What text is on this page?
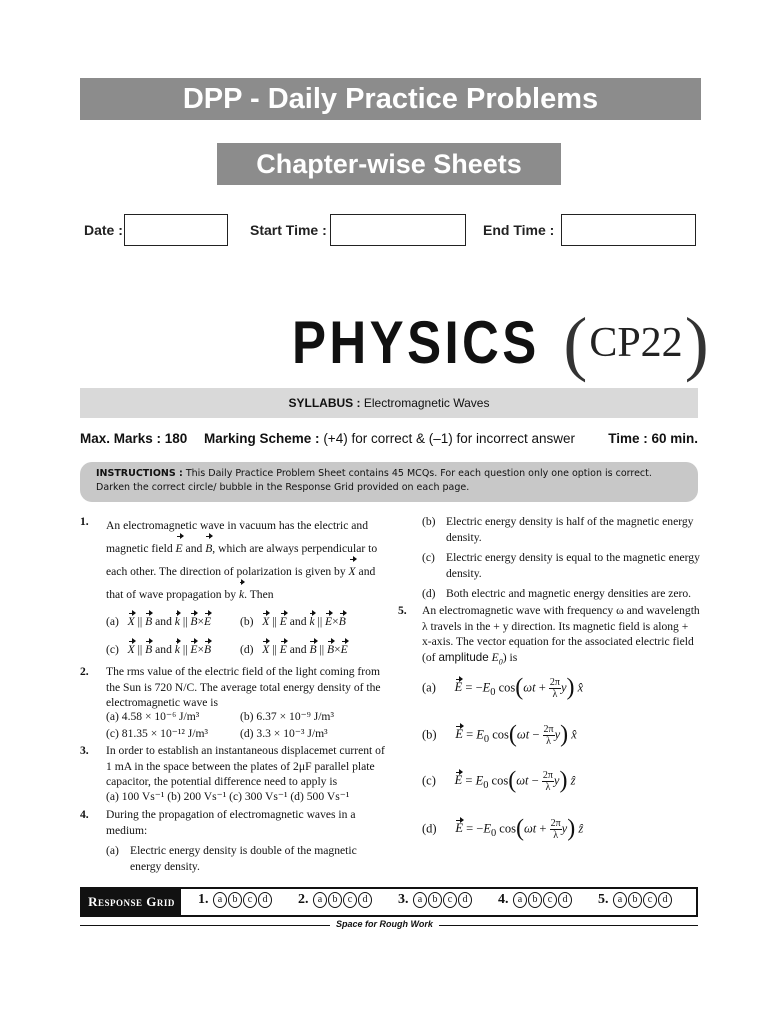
DPP - Daily Practice Problems
Chapter-wise Sheets
Date :	Start Time :	End Time :
PHYSICS ( CP22 )
SYLLABUS : Electromagnetic Waves
Max. Marks : 180 Marking Scheme : (+4) for correct & (–1) for incorrect answer Time : 60 min.
INSTRUCTIONS : This Daily Practice Problem Sheet contains 45 MCQs. For each question only one option is correct. Darken the correct circle/ bubble in the Response Grid provided on each page.
1. An electromagnetic wave in vacuum has the electric and
magnetic field E and B, which are always perpendicular to
each other. The direction of polarization is given by X and
that of wave propagation by k. Then
(a) X || B and k || B×E (b) X || E and k || E×B
(c) X || B and k || E×B (d) X || E and B || B×E
2. The rms value of the electric field of the light coming from the Sun is 720 N/C. The average total energy density of the electromagnetic wave is
(a) 4.58 × 10⁻⁶ J/m³	(b) 6.37 × 10⁻⁹ J/m³
(c) 81.35 × 10⁻¹² J/m³	(d) 3.3 × 10⁻³ J/m³
3. In order to establish an instantaneous displacemet current of 1 mA in the space between the plates of 2μF parallel plate capacitor, the potential difference need to apply is
(a) 100 Vs⁻¹ (b) 200 Vs⁻¹ (c) 300 Vs⁻¹ (d) 500 Vs⁻¹
4. During the propagation of electromagnetic waves in a medium:
(a) Electric energy density is double of the magnetic energy density.
(b) Electric energy density is half of the magnetic energy density.
(c) Electric energy density is equal to the magnetic energy density.
(d) Both electric and magnetic energy densities are zero.
5. An electromagnetic wave with frequency ω and wavelength λ travels in the + y direction. Its magnetic field is along + x-axis. The vector equation for the associated electric field (of amplitude $E_0$) is
(a) $E = -E_0$ $\cos(\omega t + \frac{2\pi}{\lambda} y)$ x̂
(b) $E = E_0$ $\cos(\omega t - \frac{2\pi}{\lambda} y)$ x̂
(c) $E = E_0$ $\cos(\omega t - \frac{2\pi}{\lambda} y)$ ẑ
(d) $E = -E_0$ $\cos(\omega t + \frac{2\pi}{\lambda} y)$ ẑ
Response Grid	1.
a	b	c	d	2.
a	b	c	d	3.
a	b	c	d	4.
a	b	c	d	5.
a	b	c	d
Space for Rough Work
